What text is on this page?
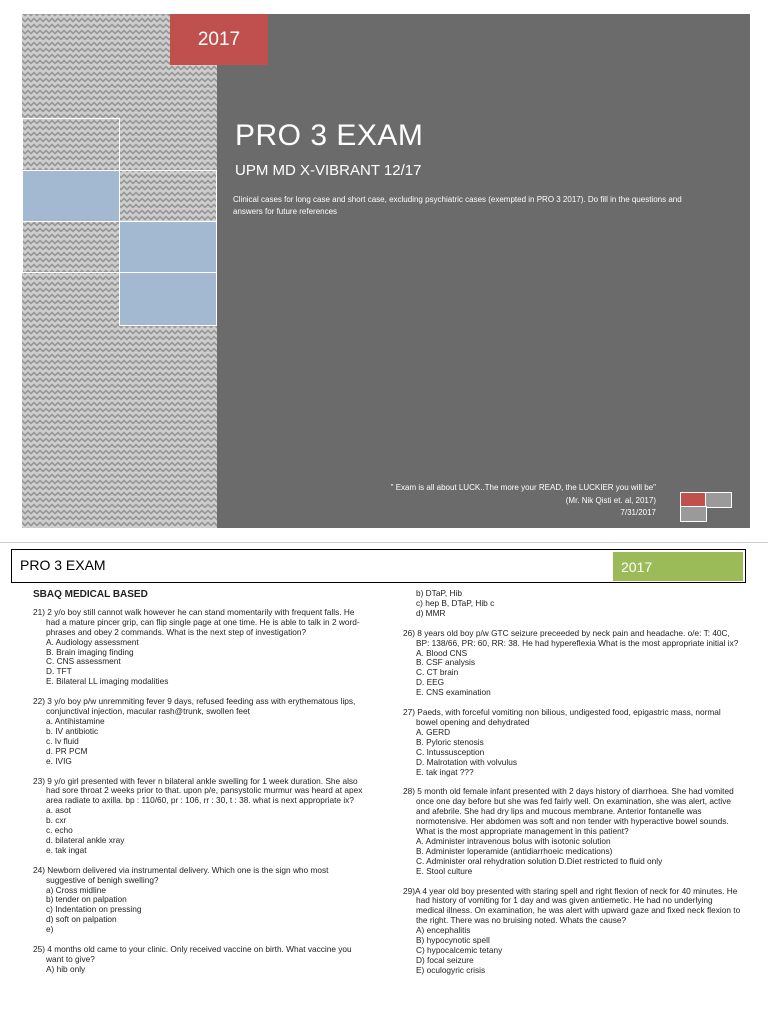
2017
PRO 3 EXAM
UPM MD X-VIBRANT 12/17
Clinical cases for long case and short case, excluding psychiatric cases (exempted in PRO 3 2017). Do fill in the questions and answers for future references
" Exam is all about LUCK..The more your READ, the LUCKIER you will be"
(Mr. Nik Qisti et. al, 2017)
7/31/2017
PRO 3 EXAM	2017
SBAQ MEDICAL BASED
21) 2 y/o boy still cannot walk however he can stand momentarily with frequent falls. He had a mature pincer grip, can flip single page at one time. He is able to talk in 2 word-phrases and obey 2 commands. What is the next step of investigation?
A. Audiology assessment
B. Brain imaging finding
C. CNS assessment
D. TFT
E. Bilateral LL imaging modalities
22) 3 y/o boy p/w unremmiting fever 9 days, refused feeding ass with erythematous lips, conjunctival injection, macular rash@trunk, swollen feet
a. Antihistamine
b. IV antibiotic
c. Iv fluid
d. PR PCM
e. IVIG
23) 9 y/o girl presented with fever n bilateral ankle swelling for 1 week duration. She also had sore throat 2 weeks prior to that. upon p/e, pansystolic murmur was heard at apex area radiate to axilla. bp : 110/60, pr : 106, rr : 30, t : 38. what is next appropriate ix?
a. asot
b. cxr
c. echo
d. bilateral ankle xray
e. tak ingat
24) Newborn delivered via instrumental delivery. Which one is the sign who most suggestive of benigh swelling?
a) Cross midline
b) tender on palpation
c) Indentation on pressing
d) soft on palpation
e)
25) 4 months old came to your clinic. Only received vaccine on birth. What vaccine you want to give?
A) hib only
b) DTaP, Hib
c) hep B, DTaP, Hib c
d) MMR
26) 8 years old boy p/w GTC seizure preceeded by neck pain and headache. o/e: T: 40C, BP: 138/66, PR: 60, RR: 38. He had hypereflexia What is the most appropriate initial ix?
A. Blood CNS
B. CSF analysis
C. CT brain
D. EEG
E. CNS examination
27) Paeds, with forceful vomiting non bilious, undigested food, epigastric mass, normal bowel opening and dehydrated
A. GERD
B. Pyloric stenosis
C. Intussusception
D. Malrotation with volvulus
E. tak ingat ???
28) 5 month old female infant presented with 2 days history of diarrhoea. She had vomited once one day before but she was fed fairly well. On examination, she was alert, active and afebrile. She had dry lips and mucous membrane. Anterior fontanelle was normotensive. Her abdomen was soft and non tender with hyperactive bowel sounds. What is the most appropriate management in this patient?
A. Administer intravenous bolus with isotonic solution
B. Administer loperamide (antidiarrhoeic medications)
C. Administer oral rehydration solution D.Diet restricted to fluid only
E. Stool culture
29)A 4 year old boy presented with staring spell and right flexion of neck for 40 minutes. He had history of vomiting for 1 day and was given antiemetic. He had no underlying medical illness. On examination, he was alert with upward gaze and fixed neck flexion to the right. There was no bruising noted. Whats the cause?
A) encephalitis
B) hypocynotic spell
C) hypocalcemic tetany
D) focal seizure
E) oculogyric crisis
